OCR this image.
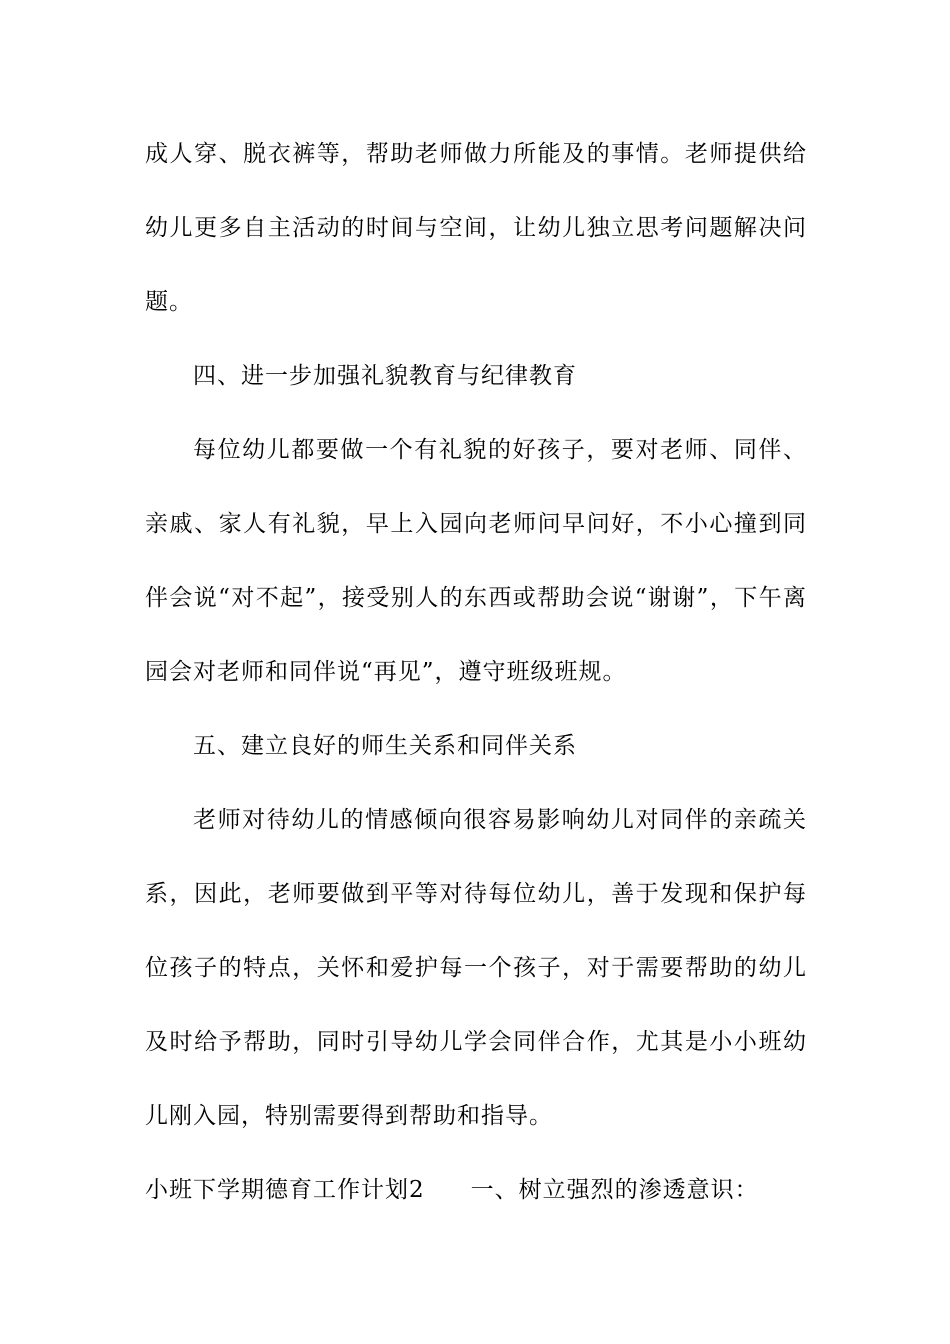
成人穿、脱衣裤等，帮助老师做力所能及的事情。老师提供给幼儿更多自主活动的时间与空间，让幼儿独立思考问题解决问题。

四、进一步加强礼貌教育与纪律教育

每位幼儿都要做一个有礼貌的好孩子，要对老师、同伴、亲戚、家人有礼貌，早上入园向老师问早问好，不小心撞到同伴会说“对不起”，接受别人的东西或帮助会说“谢谢”，下午离园会对老师和同伴说“再见”，遵守班级班规。

五、建立良好的师生关系和同伴关系

老师对待幼儿的情感倾向很容易影响幼儿对同伴的亲疏关系，因此，老师要做到平等对待每位幼儿，善于发现和保护每位孩子的特点，关怀和爱护每一个孩子，对于需要帮助的幼儿及时给予帮助，同时引导幼儿学会同伴合作，尤其是小小班幼儿刚入园，特别需要得到帮助和指导。

小班下学期德育工作计划2 一、树立强烈的渗透意识：
